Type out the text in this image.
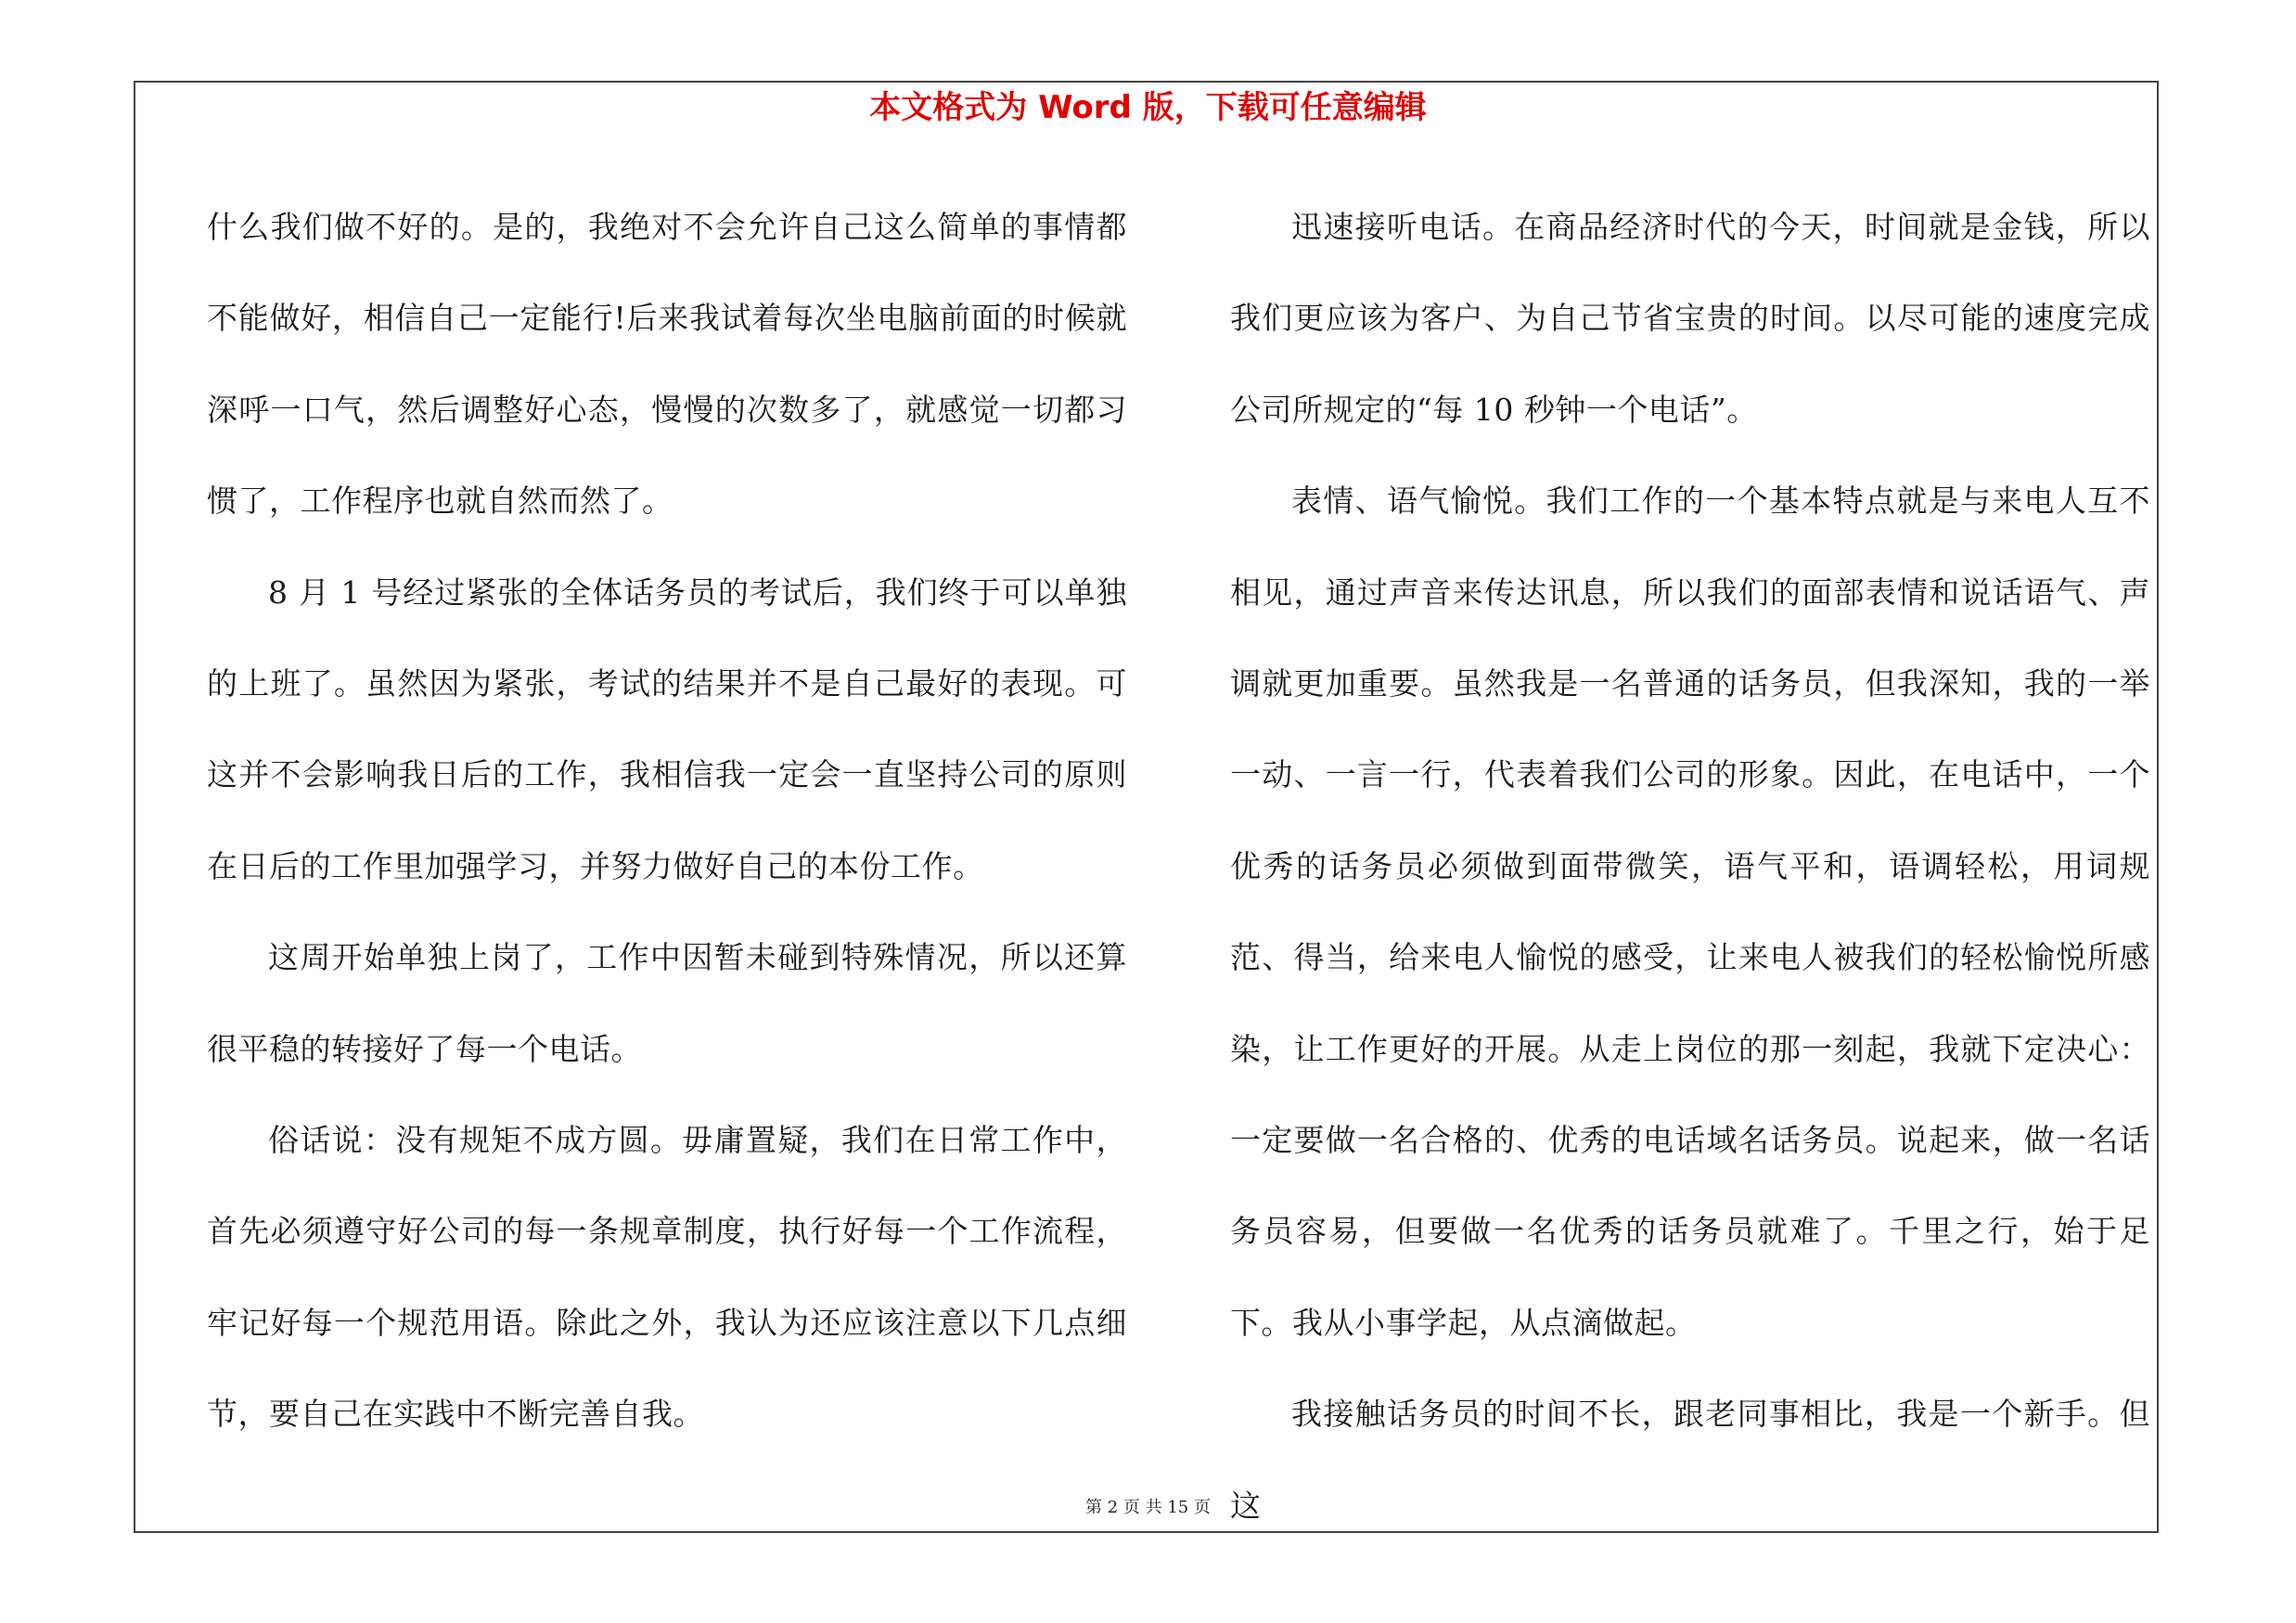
本文格式为 Word 版，下载可任意编辑

什么我们做不好的。是的，我绝对不会允许自己这么简单的事情都不能做好，相信自己一定能行!后来我试着每次坐电脑前面的时候就深呼一口气，然后调整好心态，慢慢的次数多了，就感觉一切都习惯了，工作程序也就自然而然了。

8 月 1 号经过紧张的全体话务员的考试后，我们终于可以单独的上班了。虽然因为紧张，考试的结果并不是自己最好的表现。可这并不会影响我日后的工作，我相信我一定会一直坚持公司的原则在日后的工作里加强学习，并努力做好自己的本份工作。

这周开始单独上岗了，工作中因暂未碰到特殊情况，所以还算很平稳的转接好了每一个电话。

俗话说：没有规矩不成方圆。毋庸置疑，我们在日常工作中，首先必须遵守好公司的每一条规章制度，执行好每一个工作流程，牢记好每一个规范用语。除此之外，我认为还应该注意以下几点细节，要自己在实践中不断完善自我。

迅速接听电话。在商品经济时代的今天，时间就是金钱，所以我们更应该为客户、为自己节省宝贵的时间。以尽可能的速度完成公司所规定的“每 10 秒钟一个电话”。

表情、语气愉悦。我们工作的一个基本特点就是与来电人互不相见，通过声音来传达讯息，所以我们的面部表情和说话语气、声调就更加重要。虽然我是一名普通的话务员，但我深知，我的一举一动、一言一行，代表着我们公司的形象。因此，在电话中，一个优秀的话务员必须做到面带微笑，语气平和，语调轻松，用词规范、得当，给来电人愉悦的感受，让来电人被我们的轻松愉悦所感染，让工作更好的开展。从走上岗位的那一刻起，我就下定决心：一定要做一名合格的、优秀的电话域名话务员。说起来，做一名话务员容易，但要做一名优秀的话务员就难了。千里之行，始于足下。我从小事学起，从点滴做起。

我接触话务员的时间不长，跟老同事相比，我是一个新手。但这

第 2 页 共 15 页
